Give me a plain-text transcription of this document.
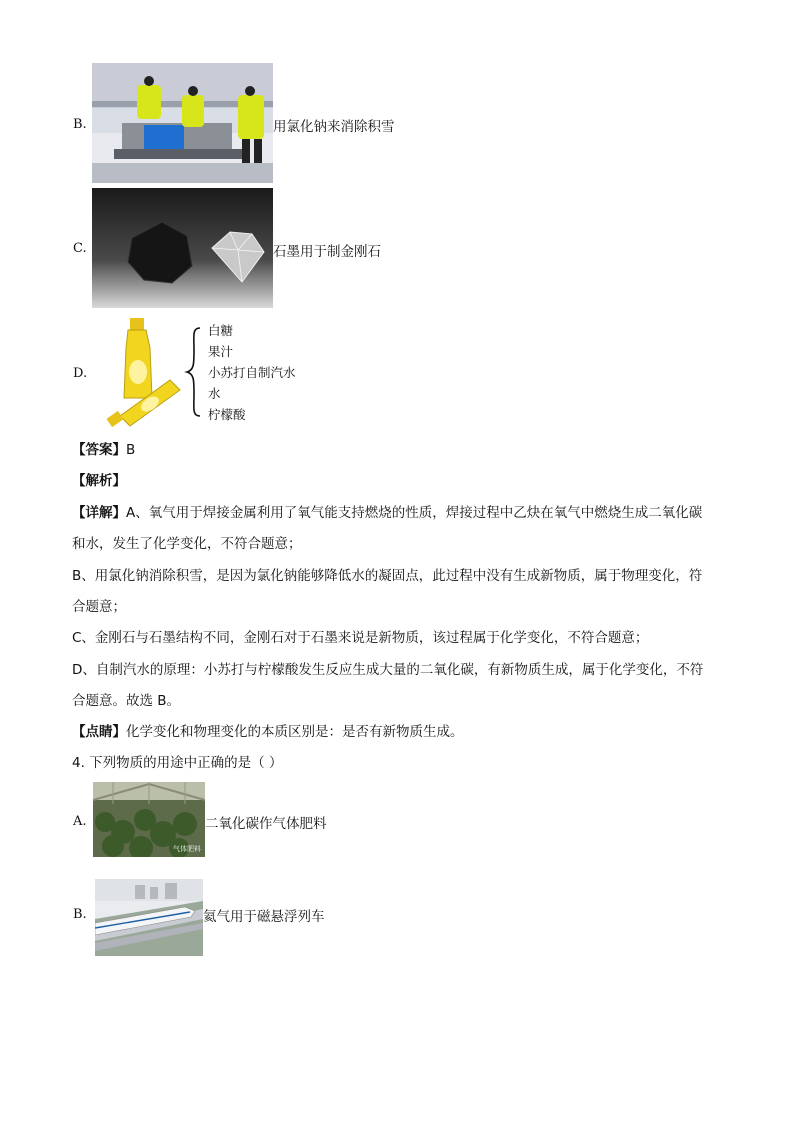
B.	用氯化钠来消除积雪
C.	石墨用于制金刚石
D.
白糖
果汁
小苏打自制汽水
水
柠檬酸
【答案】B
【解析】
【详解】A、氧气用于焊接金属利用了氧气能支持燃烧的性质，焊接过程中乙炔在氧气中燃烧生成二氧化碳
和水，发生了化学变化，不符合题意；
B、用氯化钠消除积雪，是因为氯化钠能够降低水的凝固点，此过程中没有生成新物质，属于物理变化，符
合题意；
C、金刚石与石墨结构不同，金刚石对于石墨来说是新物质，该过程属于化学变化，不符合题意；
D、自制汽水的原理：小苏打与柠檬酸发生反应生成大量的二氧化碳，有新物质生成，属于化学变化，不符
合题意。故选 B。
【点睛】化学变化和物理变化的本质区别是：是否有新物质生成。
4. 下列物质的用途中正确的是（ ）
A.
气体肥料
二氧化碳作气体肥料
B.	氦气用于磁悬浮列车
